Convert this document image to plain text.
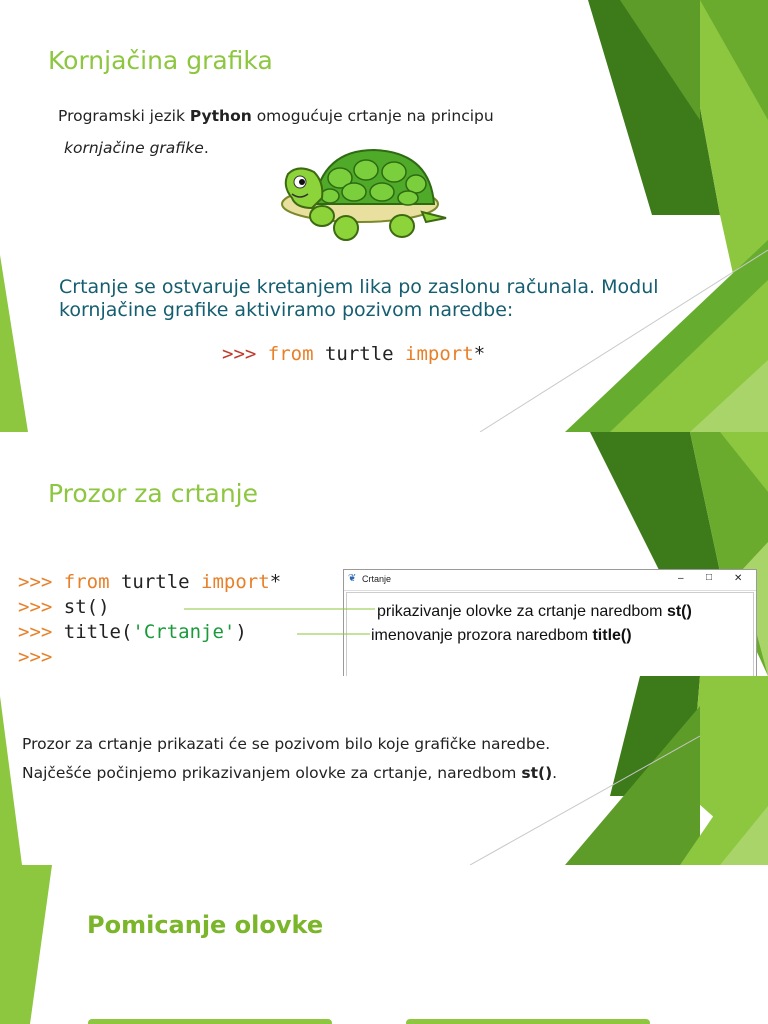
Kornjačina grafika

Programski jezik Python omogućuje crtanje na principu

kornjačine grafike.

Crtanje se ostvaruje kretanjem lika po zaslonu računala. Modul

kornjačine grafike aktiviramo pozivom naredbe:

>>> from turtle import*

Prozor za crtanje
>>> from turtle import*
>>> st()
>>> title('Crtanje')
>>>
❦ Crtanje	– □ ✕

prikazivanje olovke za crtanje naredbom st()

imenovanje prozora naredbom title()

Prozor za crtanje prikazati će se pozivom bilo koje grafičke naredbe.

Najčešće počinjemo prikazivanjem olovke za crtanje, naredbom st().

Pomicanje olovke
